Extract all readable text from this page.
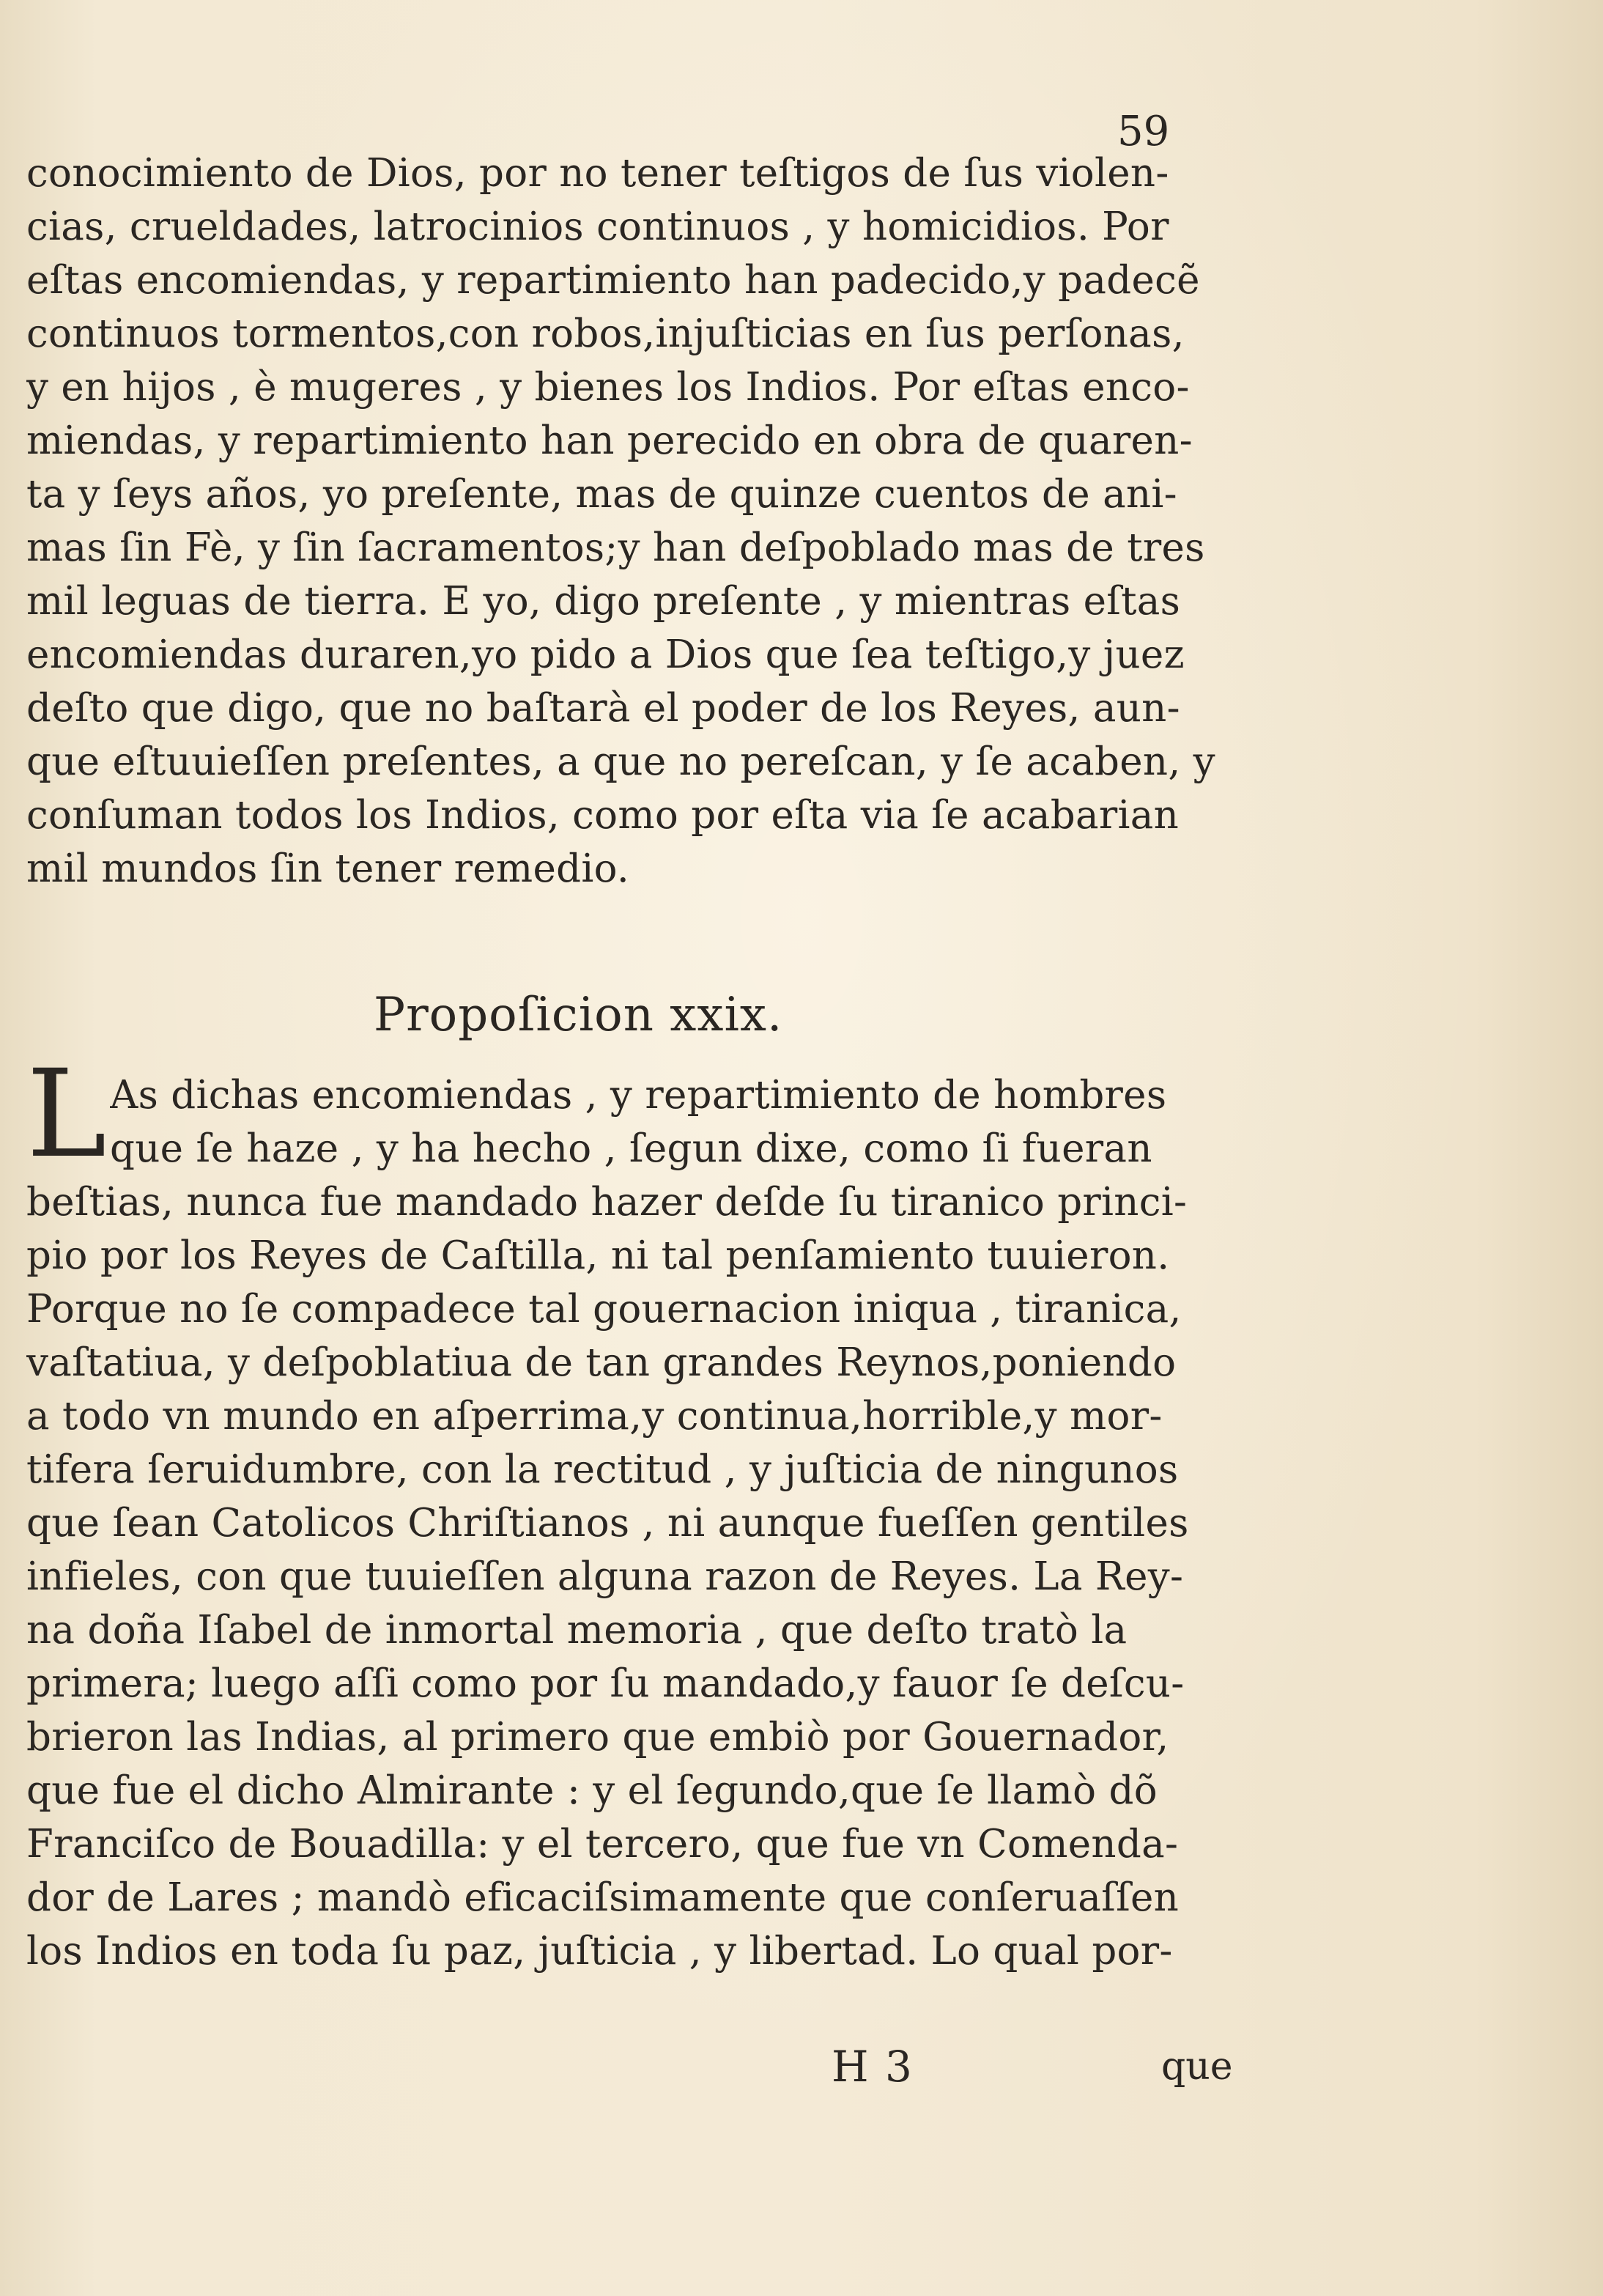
59
conocimiento de Dios, por no tener teſtigos de ſus violen-
cias, crueldades, latrocinios continuos , y homicidios. Por
eſtas encomiendas, y repartimiento han padecido,y padecẽ
continuos tormentos,con robos,injuſticias en ſus perſonas,
y en hijos , è mugeres , y bienes los Indios. Por eſtas enco-
miendas, y repartimiento han perecido en obra de quaren-
ta y ſeys años, yo preſente, mas de quinze cuentos de ani-
mas ſin Fè, y ſin ſacramentos;y han deſpoblado mas de tres
mil leguas de tierra. E yo, digo preſente , y mientras eſtas
encomiendas duraren,yo pido a Dios que ſea teſtigo,y juez
deſto que digo, que no baſtarà el poder de los Reyes, aun-
que eſtuuieſſen preſentes, a que no pereſcan, y ſe acaben, y
conſuman todos los Indios, como por eſta via ſe acabarian
mil mundos ſin tener remedio.
Propoſicion xxix.
L As dichas encomiendas , y repartimiento de hombres
que ſe haze , y ha hecho , ſegun dixe, como ſi fueran
beſtias, nunca fue mandado hazer deſde ſu tiranico princi-
pio por los Reyes de Caſtilla, ni tal penſamiento tuuieron.
Porque no ſe compadece tal gouernacion iniqua , tiranica,
vaſtatiua, y deſpoblatiua de tan grandes Reynos,poniendo
a todo vn mundo en aſperrima,y continua,horrible,y mor-
tifera ſeruidumbre, con la rectitud , y juſticia de ningunos
que ſean Catolicos Chriſtianos , ni aunque fueſſen gentiles
infieles, con que tuuieſſen alguna razon de Reyes. La Rey-
na doña Iſabel de inmortal memoria , que deſto tratò la
primera; luego aſſi como por ſu mandado,y fauor ſe deſcu-
brieron las Indias, al primero que embiò por Gouernador,
que fue el dicho Almirante : y el ſegundo,que ſe llamò dõ
Franciſco de Bouadilla: y el tercero, que fue vn Comenda-
dor de Lares ; mandò eficaciſsimamente que conſeruaſſen
los Indios en toda ſu paz, juſticia , y libertad. Lo qual por-
H 3	que
